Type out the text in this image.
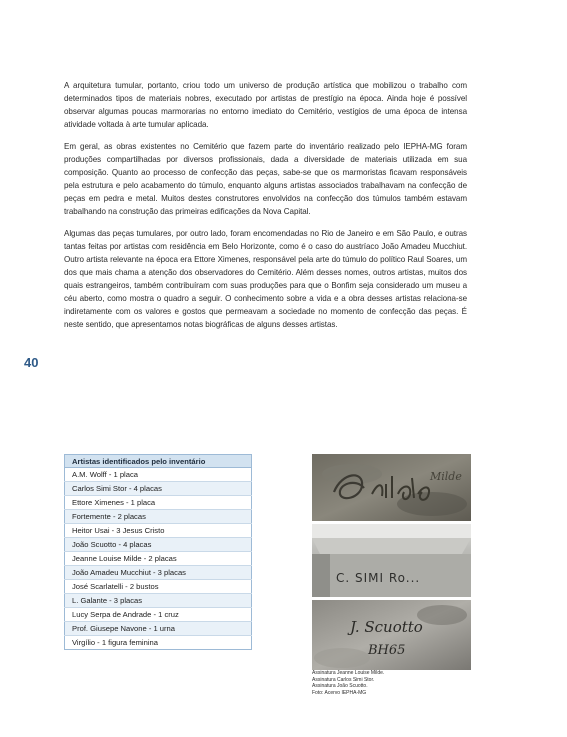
40

A arquitetura tumular, portanto, criou todo um universo de produção artística que mobilizou o trabalho com determinados tipos de materiais nobres, executado por artistas de prestígio na época. Ainda hoje é possível observar algumas poucas marmorarias no entorno imediato do Cemitério, vestígios de uma época de intensa atividade voltada à arte tumular aplicada.

Em geral, as obras existentes no Cemitério que fazem parte do inventário realizado pelo IEPHA-MG foram produções compartilhadas por diversos profissionais, dada a diversidade de materiais utilizada em sua composição. Quanto ao processo de confecção das peças, sabe-se que os marmoristas ficavam responsáveis pela estrutura e pelo acabamento do túmulo, enquanto alguns artistas associados trabalhavam na confecção de peças em pedra e metal. Muitos destes construtores envolvidos na confecção dos túmulos também estavam trabalhando na construção das primeiras edificações da Nova Capital.

Algumas das peças tumulares, por outro lado, foram encomendadas no Rio de Janeiro e em São Paulo, e outras tantas feitas por artistas com residência em Belo Horizonte, como é o caso do austríaco João Amadeu Mucchiut. Outro artista relevante na época era Ettore Ximenes, responsável pela arte do túmulo do político Raul Soares, um dos que mais chama a atenção dos observadores do Cemitério. Além desses nomes, outros artistas, muitos dos quais estrangeiros, também contribuíram com suas produções para que o Bonfim seja considerado um museu a céu aberto, como mostra o quadro a seguir. O conhecimento sobre a vida e a obra desses artistas relaciona-se indiretamente com os valores e gostos que permeavam a sociedade no momento de confecção das peças. É neste sentido, que apresentamos notas biográficas de alguns desses artistas.

Artistas identificados pelo inventário
A.M. Wolff - 1 placa
Carlos Simi Stor - 4 placas
Ettore Ximenes - 1 placa
Fortemente - 2 placas
Heitor Usai - 3 Jesus Cristo
João Scuotto - 4 placas
Jeanne Louise Milde - 2 placas
João Amadeu Mucchiut - 3 placas
José Scarlatelli - 2 bustos
L. Galante - 3 placas
Lucy Serpa de Andrade - 1 cruz
Prof. Giusepe Navone - 1 urna
Virgílio - 1 figura feminina
Milde
C. SIMI Ro...
J. Scuotto
BH65
Assinatura Jeanne Louise Milde.
Assinatura Carlos Simi Stor.
Assinatura João Scuotto.
Foto: Acervo IEPHA-MG
